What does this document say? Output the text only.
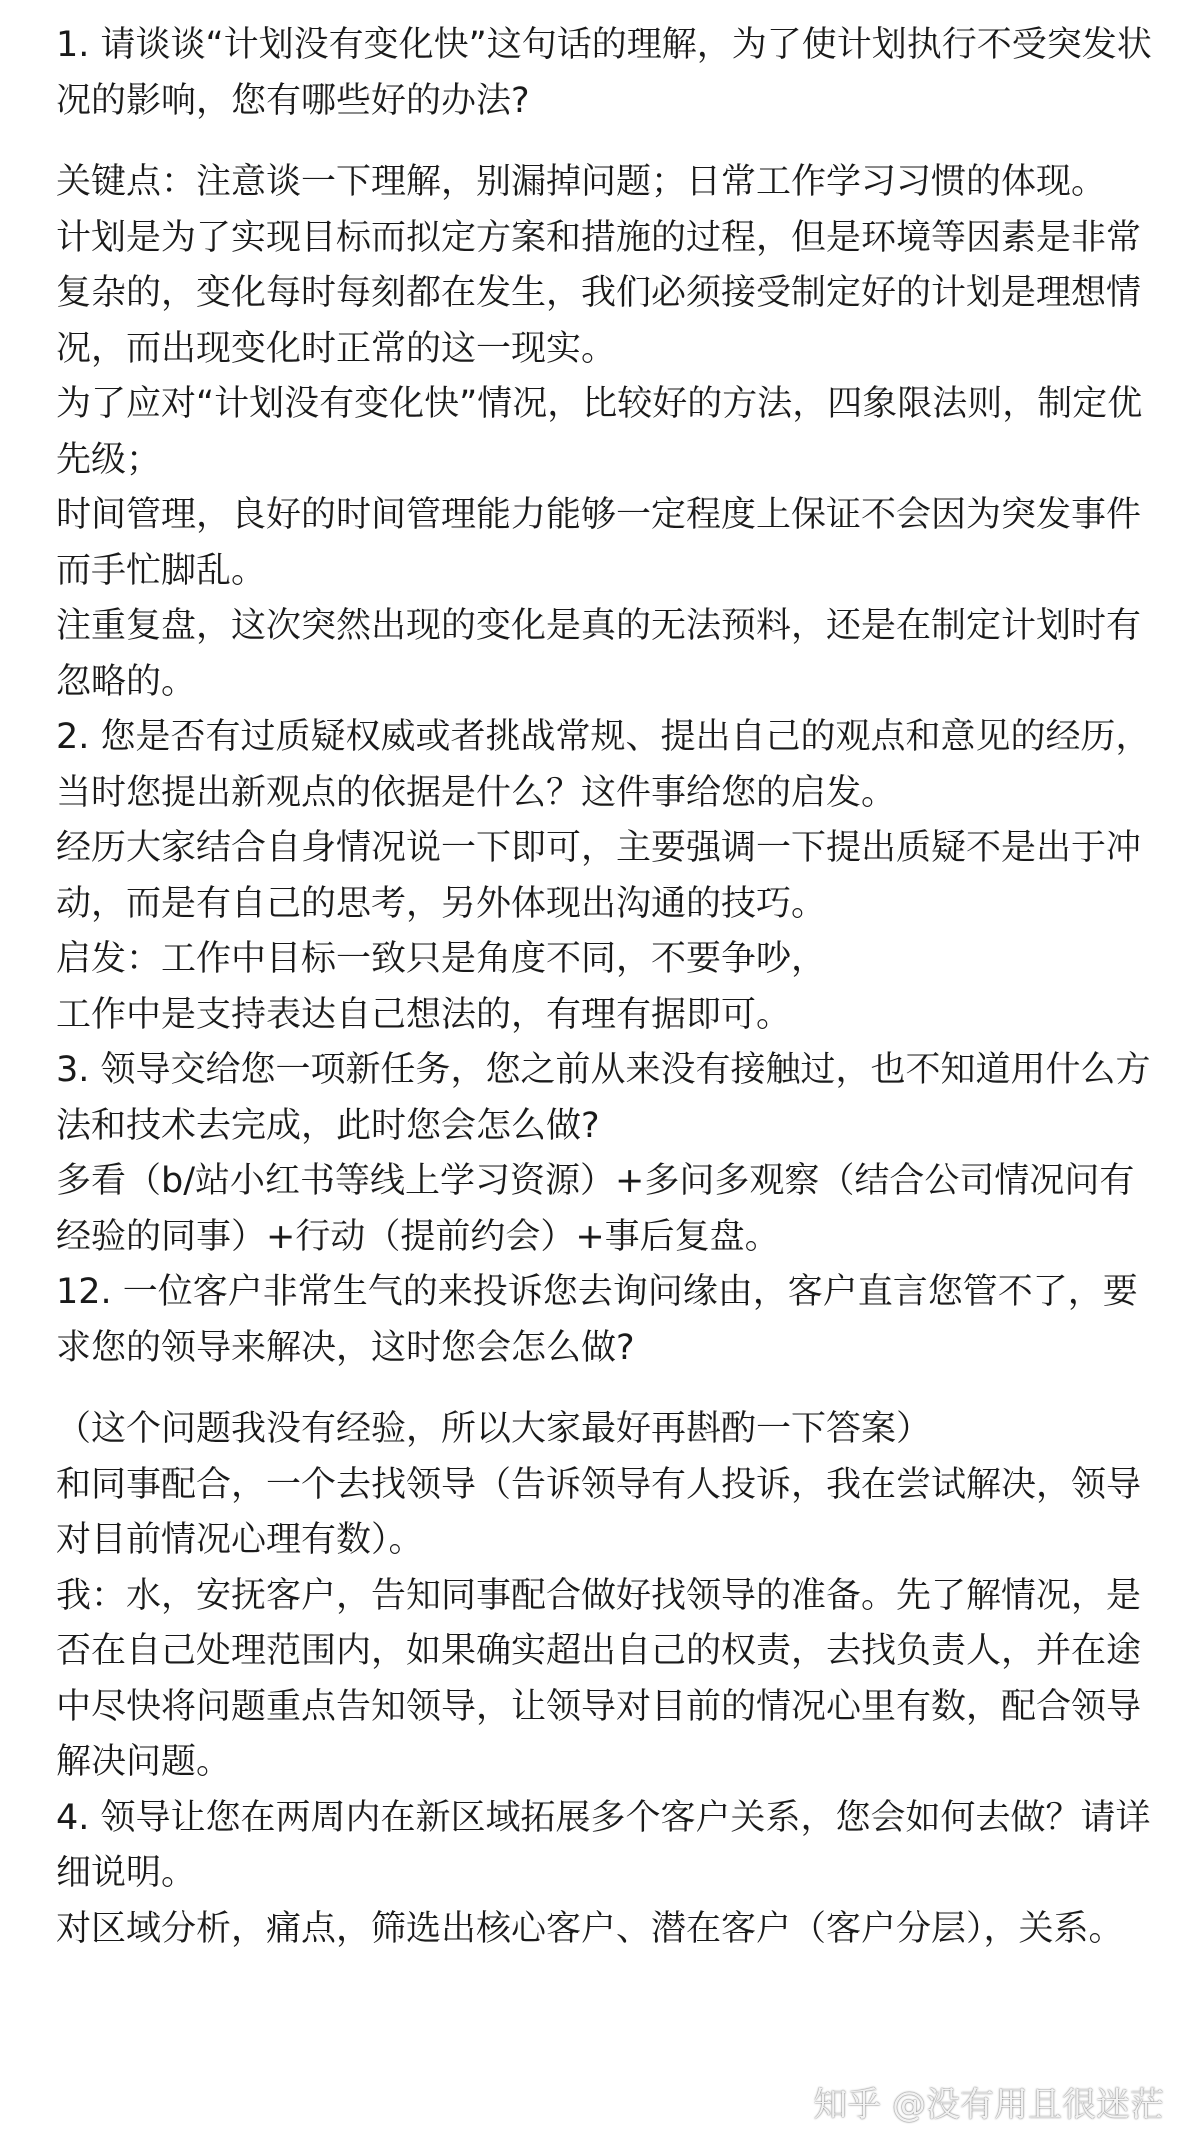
1. 请谈谈“计划没有变化快”这句话的理解，为了使计划执行不受突发状况的影响，您有哪些好的办法?

关键点：注意谈一下理解，别漏掉问题；日常工作学习习惯的体现。

计划是为了实现目标而拟定方案和措施的过程，但是环境等因素是非常复杂的，变化每时每刻都在发生，我们必须接受制定好的计划是理想情况，而出现变化时正常的这一现实。

为了应对“计划没有变化快”情况，比较好的方法，四象限法则，制定优先级；

时间管理，良好的时间管理能力能够一定程度上保证不会因为突发事件而手忙脚乱。

注重复盘，这次突然出现的变化是真的无法预料，还是在制定计划时有忽略的。

2. 您是否有过质疑权威或者挑战常规、提出自己的观点和意见的经历，当时您提出新观点的依据是什么？这件事给您的启发。

经历大家结合自身情况说一下即可，主要强调一下提出质疑不是出于冲动，而是有自己的思考，另外体现出沟通的技巧。

启发：工作中目标一致只是角度不同，不要争吵，

工作中是支持表达自己想法的，有理有据即可。

3. 领导交给您一项新任务，您之前从来没有接触过，也不知道用什么方法和技术去完成，此时您会怎么做?

多看（b/站小红书等线上学习资源）+多问多观察（结合公司情况问有经验的同事）+行动（提前约会）+事后复盘。

12. 一位客户非常生气的来投诉您去询问缘由，客户直言您管不了，要求您的领导来解决，这时您会怎么做?

（这个问题我没有经验，所以大家最好再斟酌一下答案）

和同事配合，一个去找领导（告诉领导有人投诉，我在尝试解决，领导对目前情况心理有数）。

我：水，安抚客户，告知同事配合做好找领导的准备。先了解情况，是否在自己处理范围内，如果确实超出自己的权责，去找负责人，并在途中尽快将问题重点告知领导，让领导对目前的情况心里有数，配合领导解决问题。

4. 领导让您在两周内在新区域拓展多个客户关系，您会如何去做？请详细说明。

对区域分析，痛点，筛选出核心客户、潜在客户（客户分层），关系。

知乎 @没有用且很迷茫
